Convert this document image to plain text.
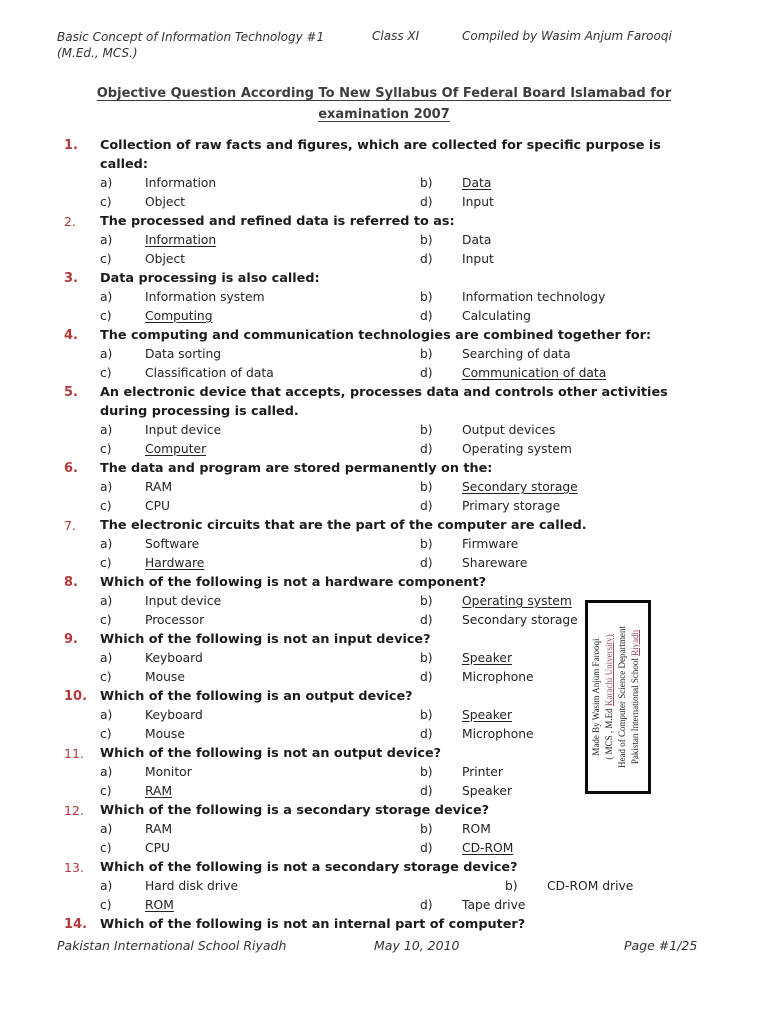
Basic Concept of Information Technology #1
(M.Ed., MCS.)
Class XI	Compiled by Wasim Anjum Farooqi
Objective Question According To New Syllabus Of Federal Board Islamabad for
examination 2007
1.	Collection of raw facts and figures, which are collected for specific purpose is called:
a)	Information	b)	Data
c)	Object	d)	Input
2.	The processed and refined data is referred to as:
a)	Information	b)	Data
c)	Object	d)	Input
3.	Data processing is also called:
a)	Information system	b)	Information technology
c)	Computing	d)	Calculating
4.	The computing and communication technologies are combined together for:
a)	Data sorting	b)	Searching of data
c)	Classification of data	d)	Communication of data
5.	An electronic device that accepts, processes data and controls other activities during processing is called.
a)	Input device	b)	Output devices
c)	Computer	d)	Operating system
6.	The data and program are stored permanently on the:
a)	RAM	b)	Secondary storage
c)	CPU	d)	Primary storage
7.	The electronic circuits that are the part of the computer are called.
a)	Software	b)	Firmware
c)	Hardware	d)	Shareware
8.	Which of the following is not a hardware component?
a)	Input device	b)	Operating system
c)	Processor	d)	Secondary storage
9.	Which of the following is not an input device?
a)	Keyboard	b)	Speaker
c)	Mouse	d)	Microphone
10.	Which of the following is an output device?
a)	Keyboard	b)	Speaker
c)	Mouse	d)	Microphone
11.	Which of the following is not an output device?
a)	Monitor	b)	Printer
c)	RAM	d)	Speaker
12.	Which of the following is a secondary storage device?
a)	RAM	b)	ROM
c)	CPU	d)	CD-ROM
13.	Which of the following is not a secondary storage device?
a)	Hard disk drive	b)	CD-ROM drive
c)	ROM	d)	Tape drive
14.	Which of the following is not an internal part of computer?
Made By Wasim Anjum Farooqi ( MCS , M.Ed Karachi University) Head of Computer Science Department Pakistan International School Riyadh
Pakistan International School Riyadh	May 10, 2010	Page #1/25
